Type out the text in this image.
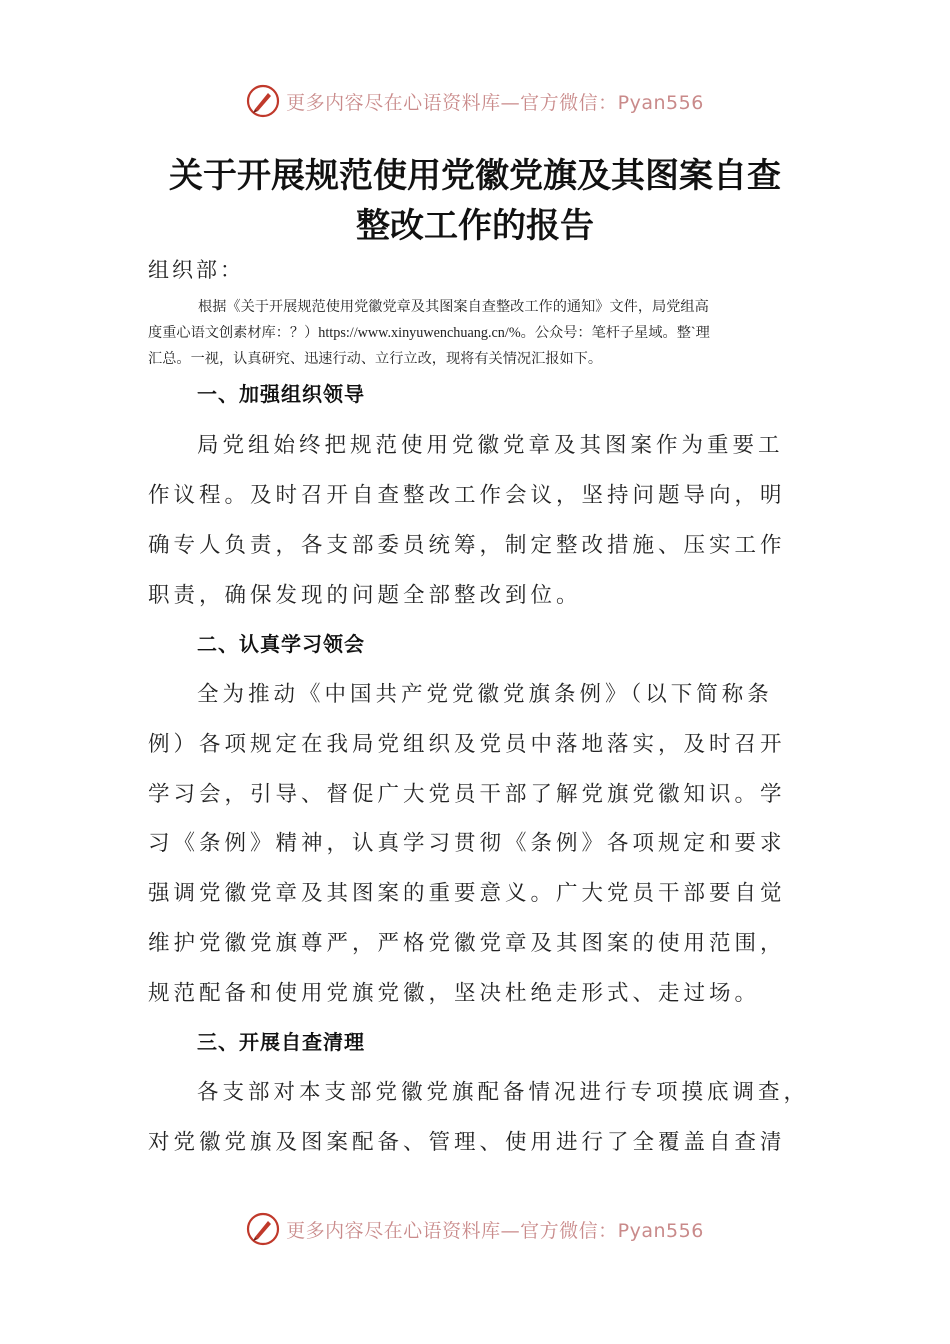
更多内容尽在心语资料库—官方微信：Pyan556
关于开展规范使用党徽党旗及其图案自查
整改工作的报告
组织部：
根据《关于开展规范使用党徽党章及其图案自查整改工作的通知》文件，局党组高
度重心语文创素材库：？）https://www.xinyuwenchuang.cn/%。公众号：笔杆子星域。整`理
汇总。一视，认真研究、迅速行动、立行立改，现将有关情况汇报如下。
一、加强组织领导
局党组始终把规范使用党徽党章及其图案作为重要工
作议程。及时召开自查整改工作会议，坚持问题导向，明
确专人负责，各支部委员统筹，制定整改措施、压实工作
职责，确保发现的问题全部整改到位。
二、认真学习领会
全为推动《中国共产党党徽党旗条例》（以下简称条
例）各项规定在我局党组织及党员中落地落实，及时召开
学习会，引导、督促广大党员干部了解党旗党徽知识。学
习《条例》精神，认真学习贯彻《条例》各项规定和要求
强调党徽党章及其图案的重要意义。广大党员干部要自觉
维护党徽党旗尊严，严格党徽党章及其图案的使用范围，
规范配备和使用党旗党徽，坚决杜绝走形式、走过场。
三、开展自查清理
各支部对本支部党徽党旗配备情况进行专项摸底调查，
对党徽党旗及图案配备、管理、使用进行了全覆盖自查清
更多内容尽在心语资料库—官方微信：Pyan556
